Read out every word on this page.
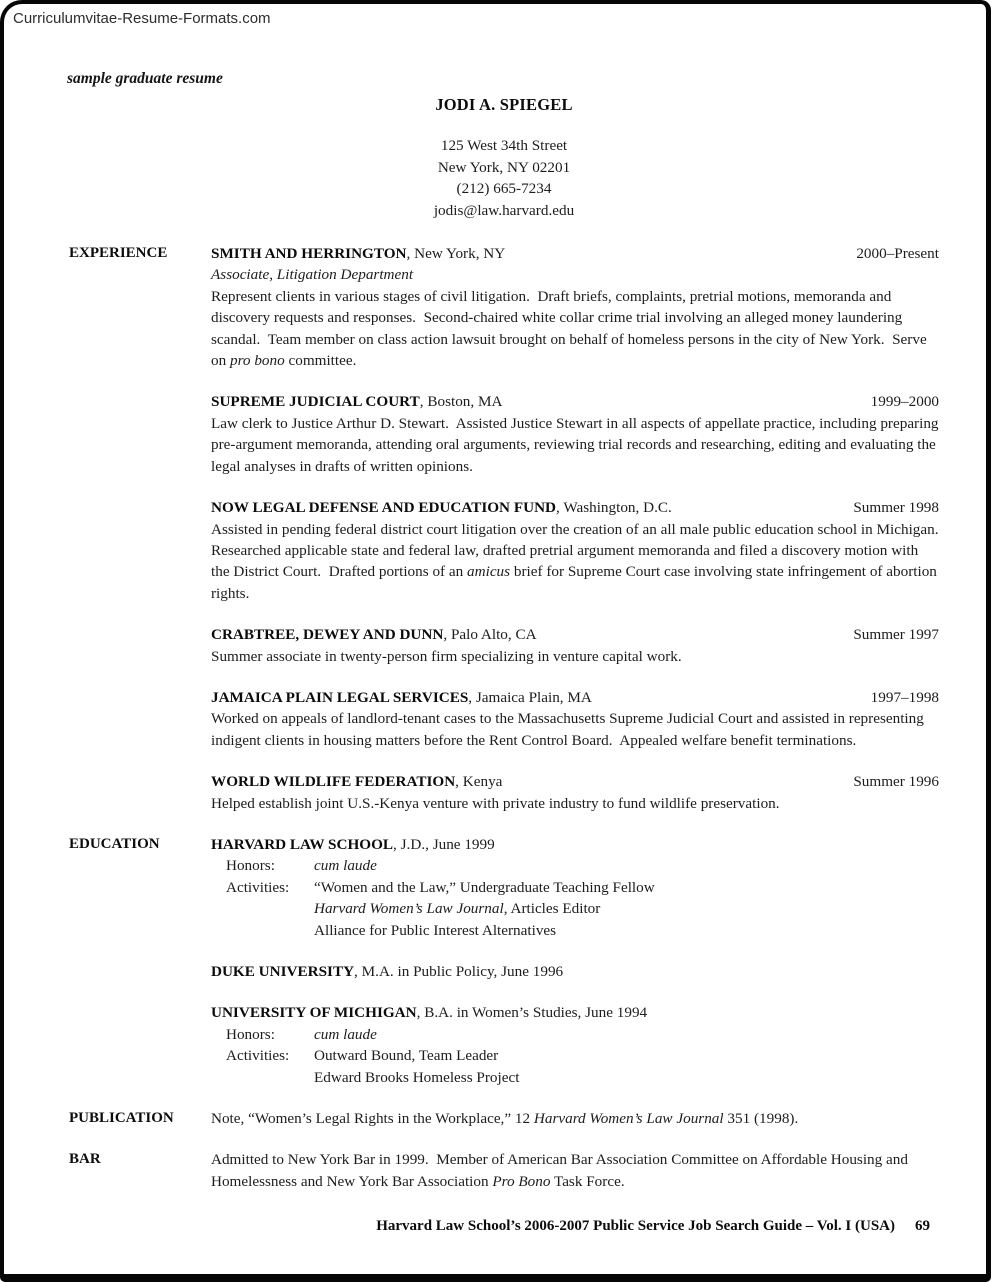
Curriculumvitae-Resume-Formats.com
sample graduate resume
JODI A. SPIEGEL
125 West 34th Street
New York, NY 02201
(212) 665-7234
jodis@law.harvard.edu
EXPERIENCE	SMITH AND HERRINGTON, New York, NY	2000–Present
Associate, Litigation Department
Represent clients in various stages of civil litigation.  Draft briefs, complaints, pretrial motions, memoranda and discovery requests and responses.  Second-chaired white collar crime trial involving an alleged money laundering scandal.  Team member on class action lawsuit brought on behalf of homeless persons in the city of New York.  Serve on pro bono committee.
SUPREME JUDICIAL COURT, Boston, MA	1999–2000
Law clerk to Justice Arthur D. Stewart.  Assisted Justice Stewart in all aspects of appellate practice, including preparing pre-argument memoranda, attending oral arguments, reviewing trial records and researching, editing and evaluating the legal analyses in drafts of written opinions.
NOW LEGAL DEFENSE AND EDUCATION FUND, Washington, D.C.	Summer 1998
Assisted in pending federal district court litigation over the creation of an all male public education school in Michigan.  Researched applicable state and federal law, drafted pretrial argument memoranda and filed a discovery motion with the District Court.  Drafted portions of an amicus brief for Supreme Court case involving state infringement of abortion rights.
CRABTREE, DEWEY AND DUNN, Palo Alto, CA	Summer 1997
Summer associate in twenty-person firm specializing in venture capital work.
JAMAICA PLAIN LEGAL SERVICES, Jamaica Plain, MA	1997–1998
Worked on appeals of landlord-tenant cases to the Massachusetts Supreme Judicial Court and assisted in representing indigent clients in housing matters before the Rent Control Board.  Appealed welfare benefit terminations.
WORLD WILDLIFE FEDERATION, Kenya	Summer 1996
Helped establish joint U.S.-Kenya venture with private industry to fund wildlife preservation.
EDUCATION	HARVARD LAW SCHOOL, J.D., June 1999
Honors:	cum laude
Activities:	“Women and the Law,” Undergraduate Teaching Fellow
Harvard Women’s Law Journal, Articles Editor
Alliance for Public Interest Alternatives
DUKE UNIVERSITY, M.A. in Public Policy, June 1996
UNIVERSITY OF MICHIGAN, B.A. in Women’s Studies, June 1994
Honors:	cum laude
Activities:	Outward Bound, Team Leader
Edward Brooks Homeless Project
PUBLICATION	Note, “Women’s Legal Rights in the Workplace,” 12 Harvard Women’s Law Journal 351 (1998).
BAR	Admitted to New York Bar in 1999.  Member of American Bar Association Committee on Affordable Housing and Homelessness and New York Bar Association Pro Bono Task Force.
Harvard Law School’s 2006-2007 Public Service Job Search Guide – Vol. I (USA) 69
